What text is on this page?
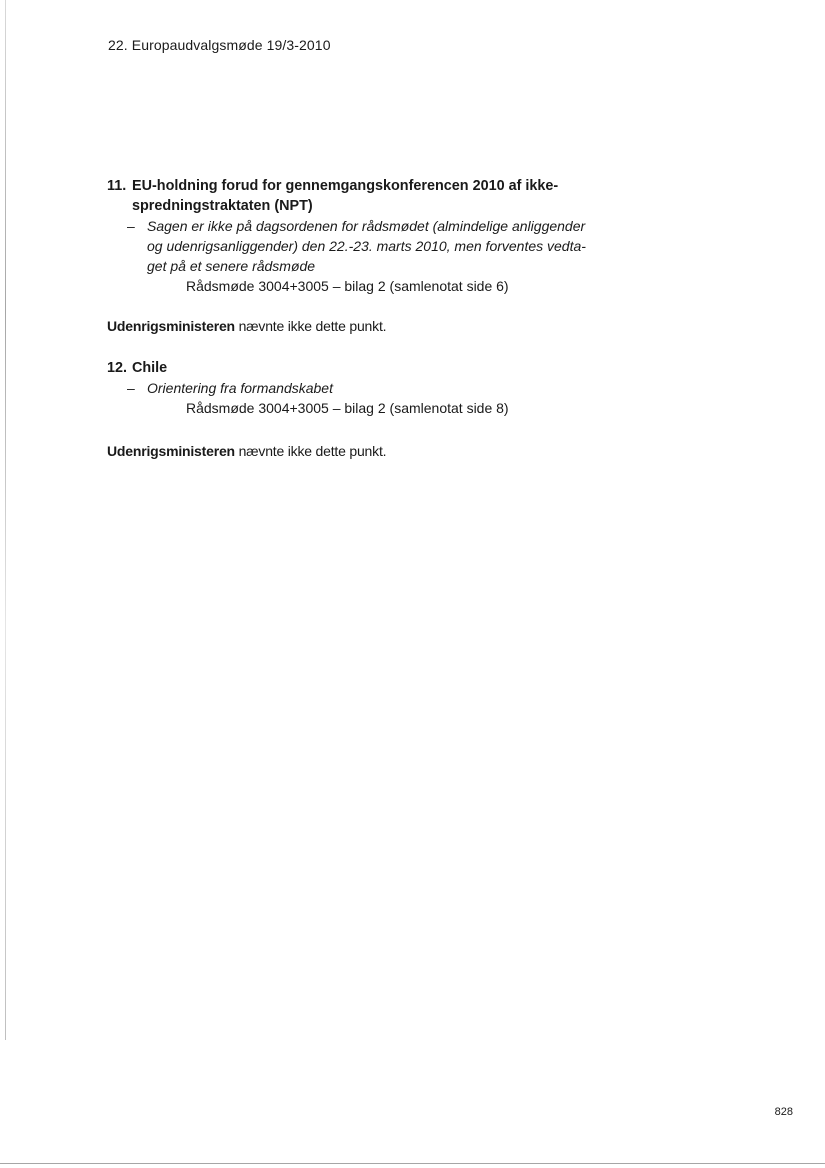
22. Europaudvalgsmøde 19/3-2010
11. EU-holdning forud for gennemgangskonferencen 2010 af ikke-
spredningstraktaten (NPT)
– Sagen er ikke på dagsordenen for rådsmødet (almindelige anliggender
og udenrigsanliggender) den 22.-23. marts 2010, men forventes vedta-
get på et senere rådsmøde
Rådsmøde 3004+3005 – bilag 2 (samlenotat side 6)
Udenrigsministeren nævnte ikke dette punkt.
12. Chile
– Orientering fra formandskabet
Rådsmøde 3004+3005 – bilag 2 (samlenotat side 8)
Udenrigsministeren nævnte ikke dette punkt.
828
